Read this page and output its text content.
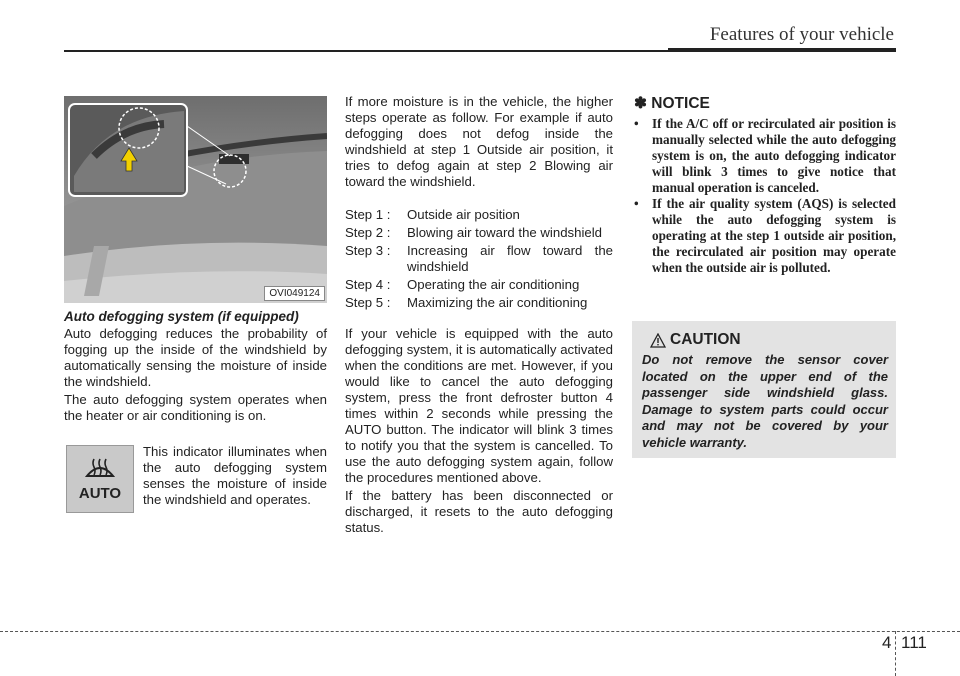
Features of your vehicle
OVI049124
Auto defogging system (if equipped)

Auto defogging reduces the probability of fogging up the inside of the windshield by automatically sensing the moisture of inside the windshield.

The auto defogging system operates when the heater or air conditioning is on.

AUTO
This indicator illuminates when the auto defogging system senses the moisture of inside the windshield and operates.

If more moisture is in the vehicle, the higher steps operate as follow. For example if auto defogging does not defog inside the windshield at step 1 Outside air position, it tries to defog again at step 2 Blowing air toward the windshield.

Step 1 :	Outside air position
Step 2 :	Blowing air toward the windshield
Step 3 :	Increasing air flow toward the windshield
Step 4 :	Operating the air conditioning
Step 5 :	Maximizing the air conditioning

If your vehicle is equipped with the auto defogging system, it is automatically activated when the conditions are met. However, if you would like to cancel the auto defogging system, press the front defroster button 4 times within 2 seconds while pressing the AUTO button. The indicator will blink 3 times to notify you that the system is cancelled. To use the auto defogging system again, follow the procedures mentioned above.

If the battery has been disconnected or discharged, it resets to the auto defogging status.

✽ NOTICE
• If the A/C off or recirculated air position is manually selected while the auto defogging system is on, the auto defogging indicator will blink 3 times to give notice that manual operation is canceled.
• If the air quality system (AQS) is selected while the auto defogging system is operating at the step 1 outside air position, the recirculated air position may operate when the outside air is polluted.
CAUTION
Do not remove the sensor cover located on the upper end of the passenger side windshield glass. Damage to system parts could occur and may not be covered by your vehicle warranty.
4 111
